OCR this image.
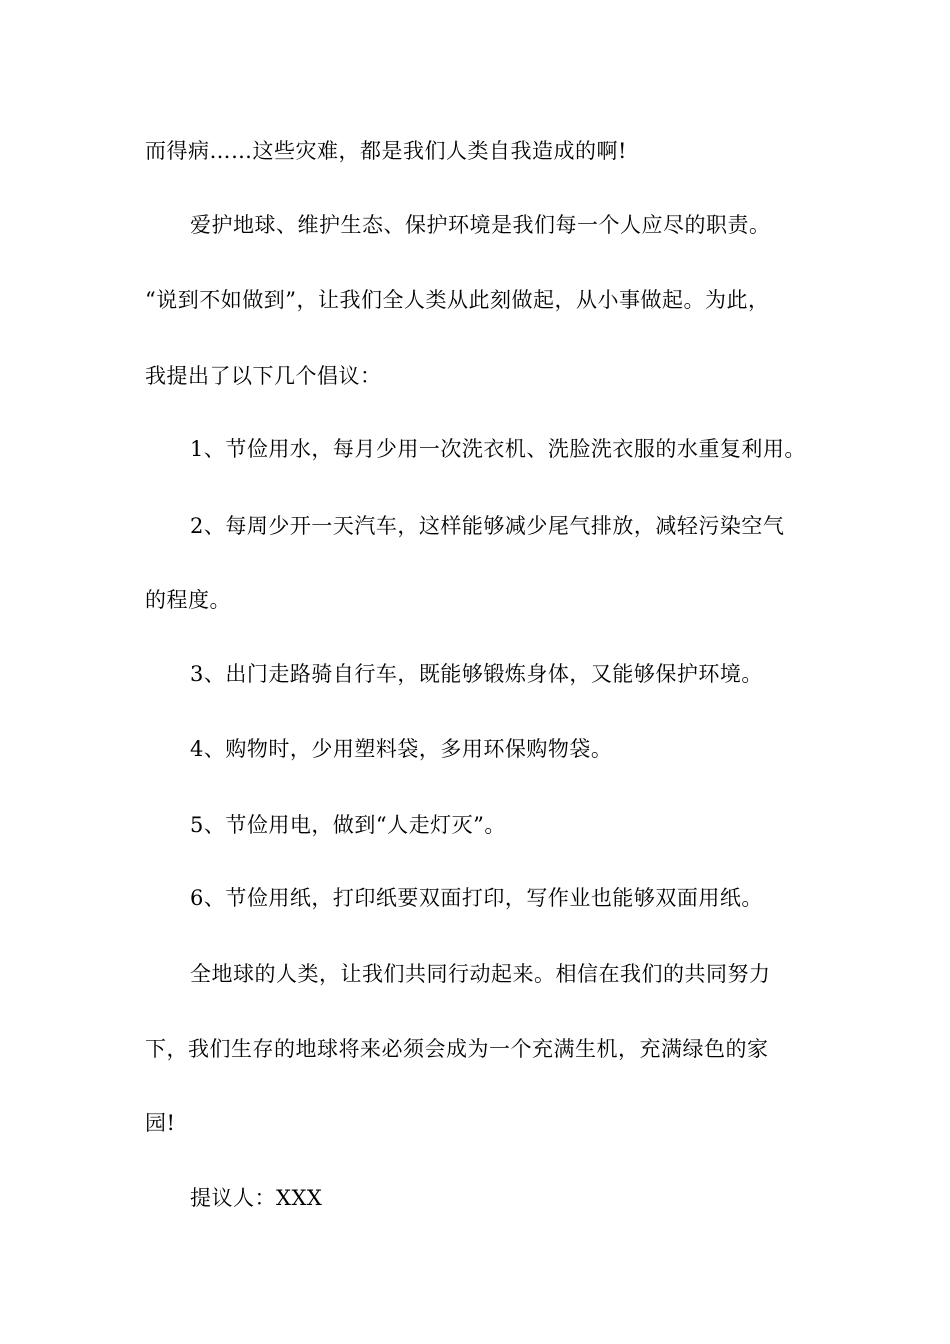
而得病……这些灾难，都是我们人类自我造成的啊!
爱护地球、维护生态、保护环境是我们每一个人应尽的职责。
“说到不如做到”，让我们全人类从此刻做起，从小事做起。为此，
我提出了以下几个倡议：
1、节俭用水，每月少用一次洗衣机、洗脸洗衣服的水重复利用。
2、每周少开一天汽车，这样能够减少尾气排放，减轻污染空气
的程度。
3、出门走路骑自行车，既能够锻炼身体，又能够保护环境。
4、购物时，少用塑料袋，多用环保购物袋。
5、节俭用电，做到“人走灯灭”。
6、节俭用纸，打印纸要双面打印，写作业也能够双面用纸。
全地球的人类，让我们共同行动起来。相信在我们的共同努力
下，我们生存的地球将来必须会成为一个充满生机，充满绿色的家
园!
提议人：XXX
